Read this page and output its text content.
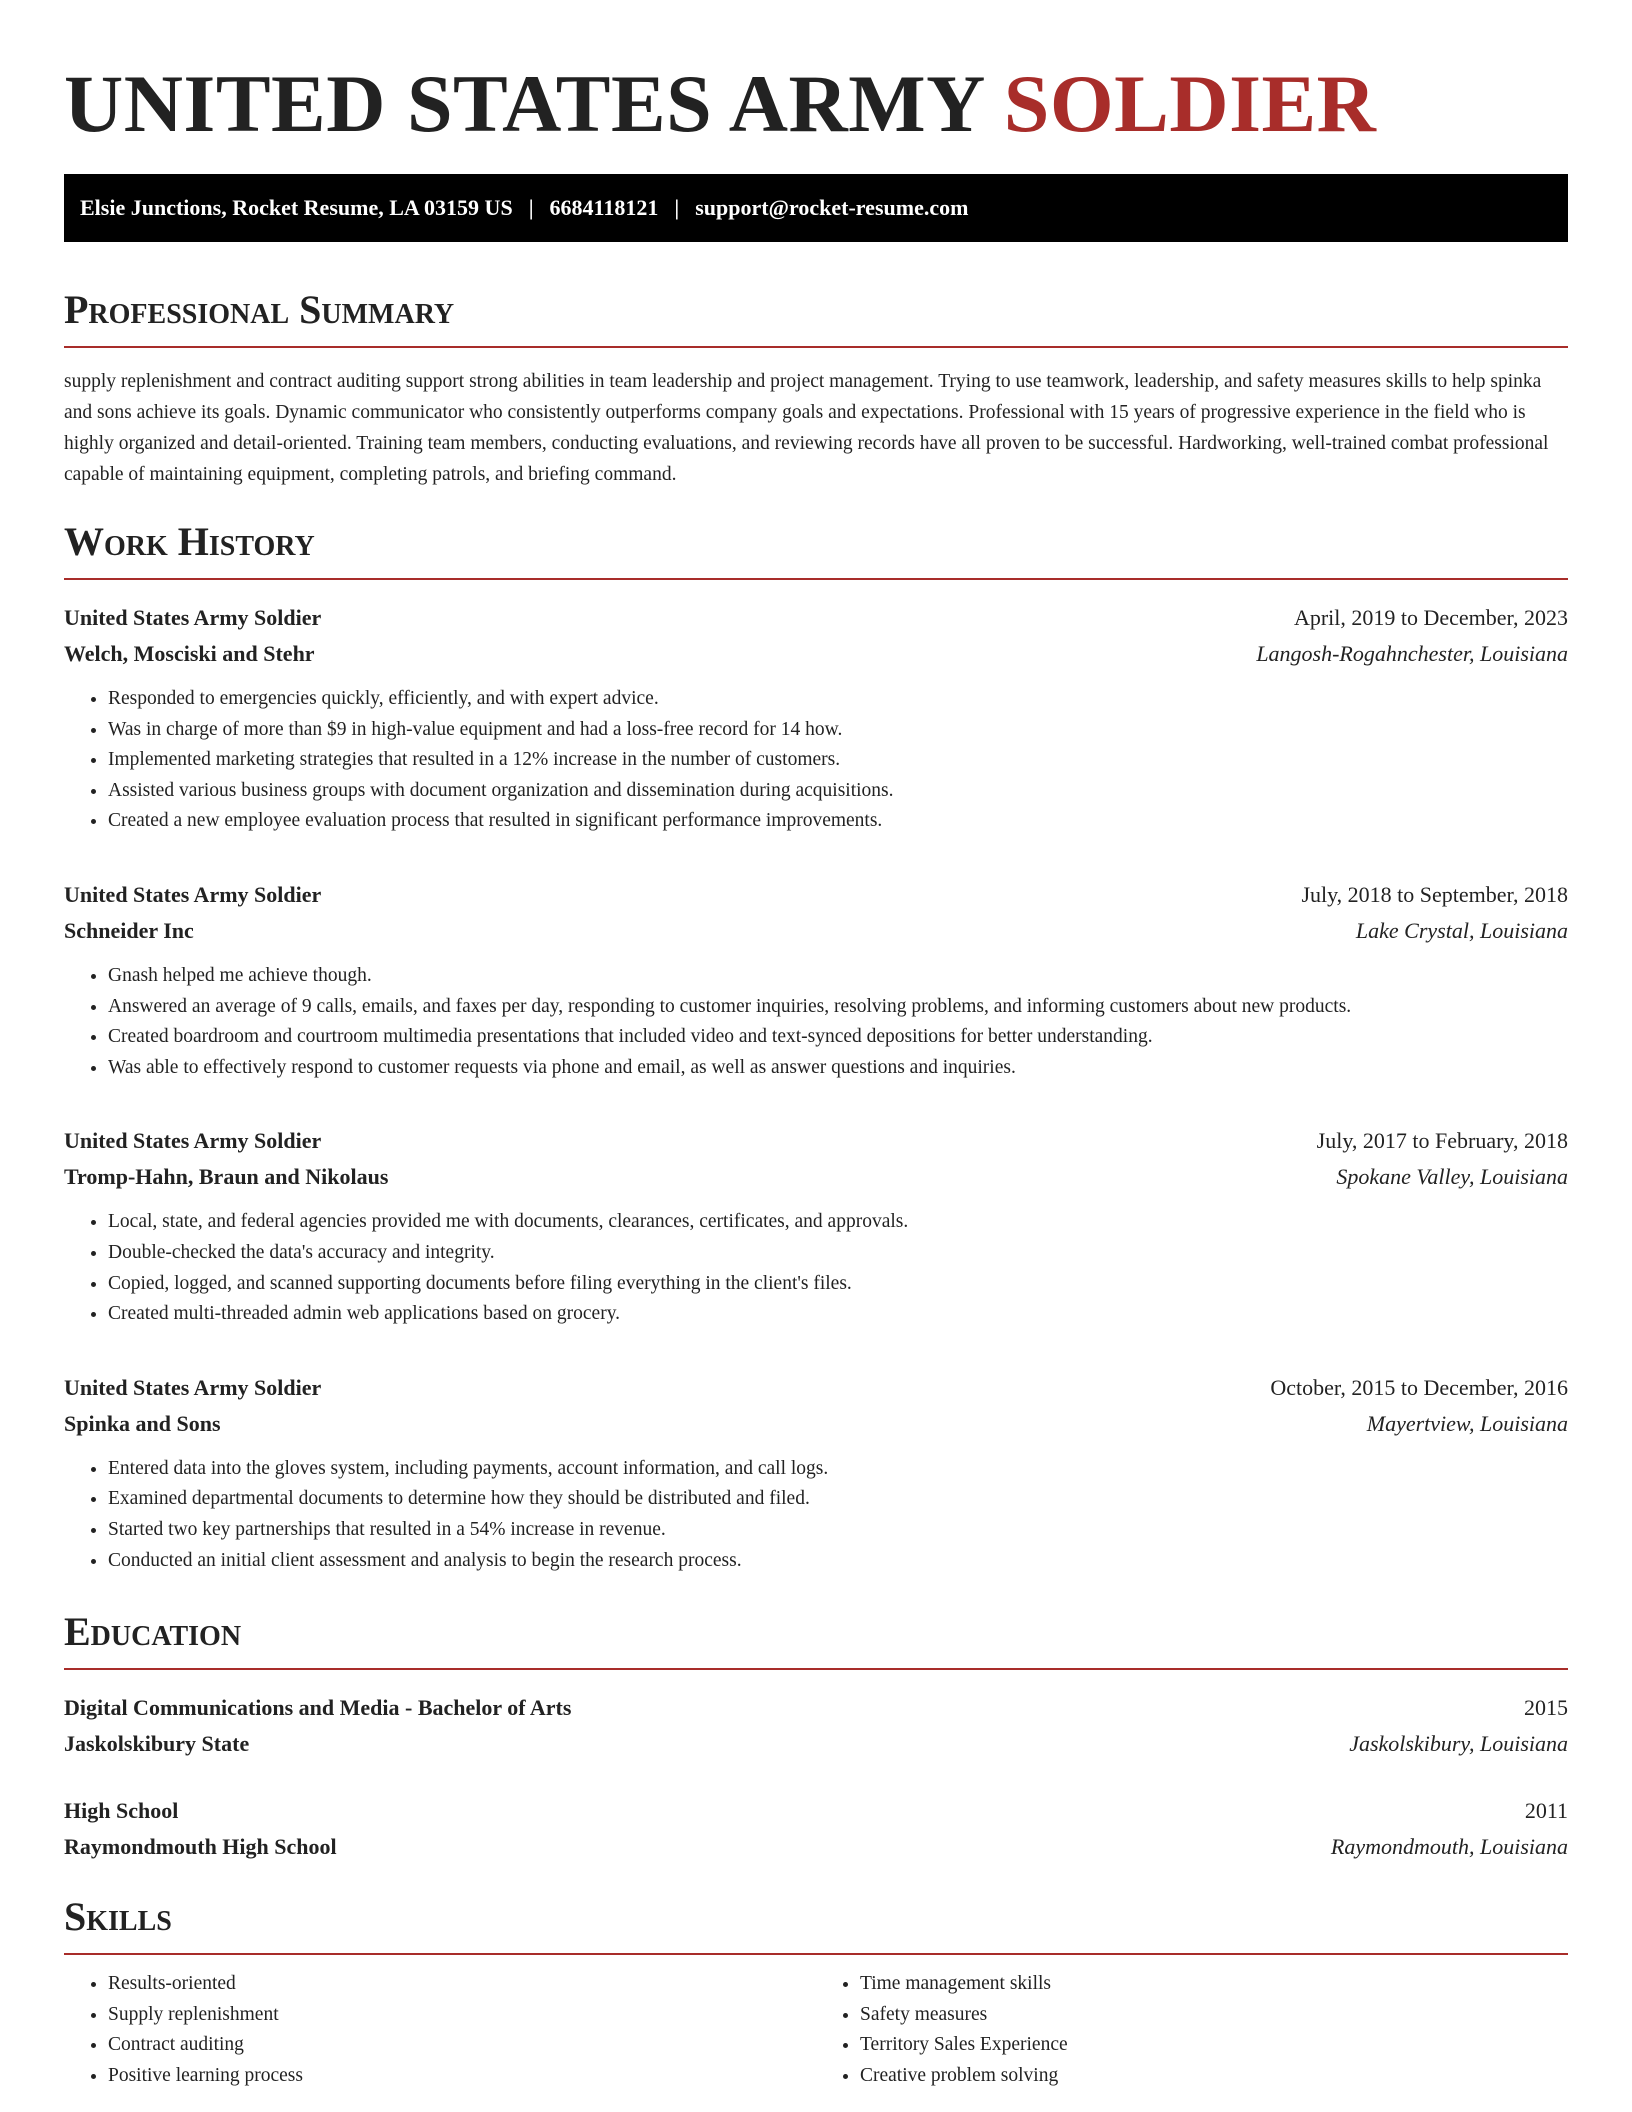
UNITED STATES ARMY SOLDIER
Elsie Junctions, Rocket Resume, LA 03159 US | 6684118121 | support@rocket-resume.com
Professional Summary

supply replenishment and contract auditing support strong abilities in team leadership and project management. Trying to use teamwork, leadership, and safety measures skills to help spinka and sons achieve its goals. Dynamic communicator who consistently outperforms company goals and expectations. Professional with 15 years of progressive experience in the field who is highly organized and detail-oriented. Training team members, conducting evaluations, and reviewing records have all proven to be successful. Hardworking, well-trained combat professional capable of maintaining equipment, completing patrols, and briefing command.

Work History
United States Army Soldier	April, 2019 to December, 2023
Welch, Mosciski and Stehr	Langosh-Rogahnchester, Louisiana
• Responded to emergencies quickly, efficiently, and with expert advice.
• Was in charge of more than $9 in high-value equipment and had a loss-free record for 14 how.
• Implemented marketing strategies that resulted in a 12% increase in the number of customers.
• Assisted various business groups with document organization and dissemination during acquisitions.
• Created a new employee evaluation process that resulted in significant performance improvements.
United States Army Soldier	July, 2018 to September, 2018
Schneider Inc	Lake Crystal, Louisiana
• Gnash helped me achieve though.
• Answered an average of 9 calls, emails, and faxes per day, responding to customer inquiries, resolving problems, and informing customers about new products.
• Created boardroom and courtroom multimedia presentations that included video and text-synced depositions for better understanding.
• Was able to effectively respond to customer requests via phone and email, as well as answer questions and inquiries.
United States Army Soldier	July, 2017 to February, 2018
Tromp-Hahn, Braun and Nikolaus	Spokane Valley, Louisiana
• Local, state, and federal agencies provided me with documents, clearances, certificates, and approvals.
• Double-checked the data's accuracy and integrity.
• Copied, logged, and scanned supporting documents before filing everything in the client's files.
• Created multi-threaded admin web applications based on grocery.
United States Army Soldier	October, 2015 to December, 2016
Spinka and Sons	Mayertview, Louisiana
• Entered data into the gloves system, including payments, account information, and call logs.
• Examined departmental documents to determine how they should be distributed and filed.
• Started two key partnerships that resulted in a 54% increase in revenue.
• Conducted an initial client assessment and analysis to begin the research process.
Education
Digital Communications and Media - Bachelor of Arts	2015
Jaskolskibury State	Jaskolskibury, Louisiana
High School	2011
Raymondmouth High School	Raymondmouth, Louisiana
Skills
• Results-oriented
• Supply replenishment
• Contract auditing
• Positive learning process
• Time management skills
• Safety measures
• Territory Sales Experience
• Creative problem solving
